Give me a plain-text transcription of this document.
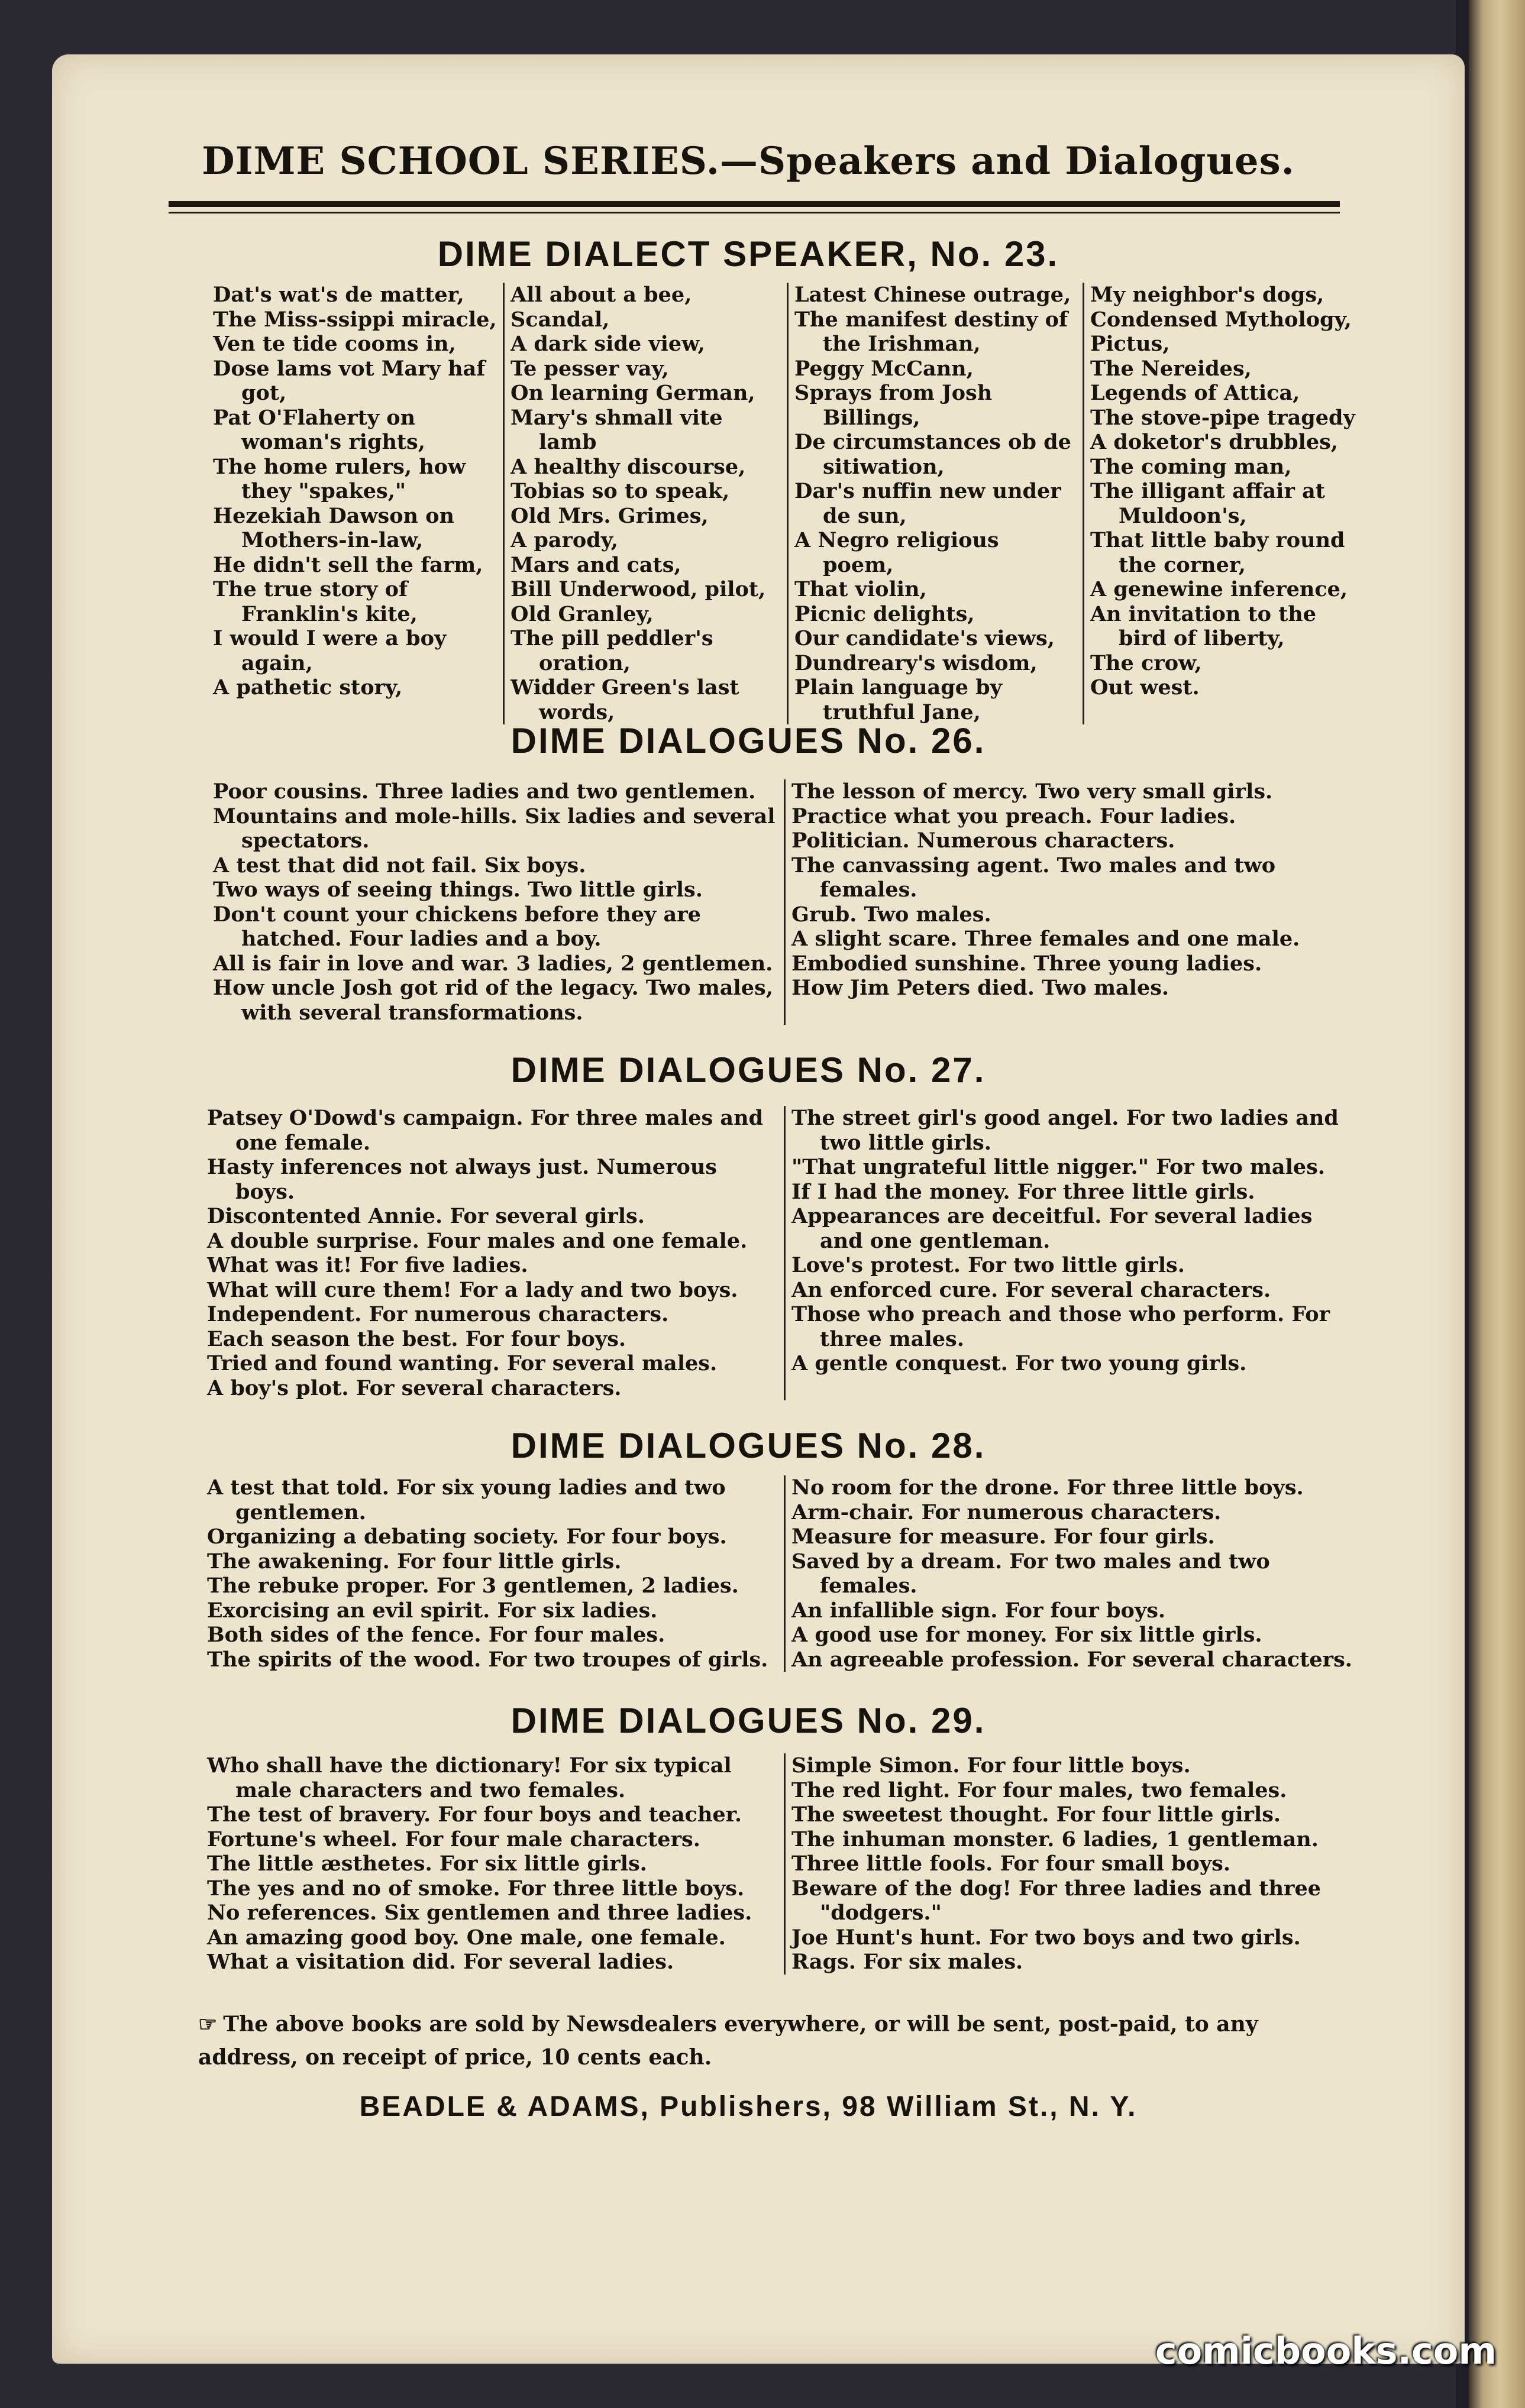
DIME SCHOOL SERIES.—Speakers and Dialogues.
DIME DIALECT SPEAKER, No. 23.
Dat's wat's de matter,
The Miss-ssippi miracle,
Ven te tide cooms in,
Dose lams vot Mary haf got,
Pat O'Flaherty on woman's rights,
The home rulers, how they "spakes,"
Hezekiah Dawson on Mothers-in-law,
He didn't sell the farm,
The true story of Franklin's kite,
I would I were a boy again,
A pathetic story,
All about a bee,
Scandal,
A dark side view,
Te pesser vay,
On learning German,
Mary's shmall vite lamb
A healthy discourse,
Tobias so to speak,
Old Mrs. Grimes,
A parody,
Mars and cats,
Bill Underwood, pilot,
Old Granley,
The pill peddler's oration,
Widder Green's last words,
Latest Chinese outrage,
The manifest destiny of the Irishman,
Peggy McCann,
Sprays from Josh Billings,
De circumstances ob de sitiwation,
Dar's nuffin new under de sun,
A Negro religious poem,
That violin,
Picnic delights,
Our candidate's views,
Dundreary's wisdom,
Plain language by truthful Jane,
My neighbor's dogs,
Condensed Mythology,
Pictus,
The Nereides,
Legends of Attica,
The stove-pipe tragedy
A doketor's drubbles,
The coming man,
The illigant affair at Muldoon's,
That little baby round the corner,
A genewine inference,
An invitation to the bird of liberty,
The crow,
Out west.
DIME DIALOGUES No. 26.
Poor cousins. Three ladies and two gentlemen.
Mountains and mole-hills. Six ladies and several spectators.
A test that did not fail. Six boys.
Two ways of seeing things. Two little girls.
Don't count your chickens before they are hatched. Four ladies and a boy.
All is fair in love and war. 3 ladies, 2 gentlemen.
How uncle Josh got rid of the legacy. Two males, with several transformations.
The lesson of mercy. Two very small girls.
Practice what you preach. Four ladies.
Politician. Numerous characters.
The canvassing agent. Two males and two females.
Grub. Two males.
A slight scare. Three females and one male.
Embodied sunshine. Three young ladies.
How Jim Peters died. Two males.
DIME DIALOGUES No. 27.
Patsey O'Dowd's campaign. For three males and one female.
Hasty inferences not always just. Numerous boys.
Discontented Annie. For several girls.
A double surprise. Four males and one female.
What was it! For five ladies.
What will cure them! For a lady and two boys.
Independent. For numerous characters.
Each season the best. For four boys.
Tried and found wanting. For several males.
A boy's plot. For several characters.
The street girl's good angel. For two ladies and two little girls.
"That ungrateful little nigger." For two males.
If I had the money. For three little girls.
Appearances are deceitful. For several ladies and one gentleman.
Love's protest. For two little girls.
An enforced cure. For several characters.
Those who preach and those who perform. For three males.
A gentle conquest. For two young girls.
DIME DIALOGUES No. 28.
A test that told. For six young ladies and two gentlemen.
Organizing a debating society. For four boys.
The awakening. For four little girls.
The rebuke proper. For 3 gentlemen, 2 ladies.
Exorcising an evil spirit. For six ladies.
Both sides of the fence. For four males.
The spirits of the wood. For two troupes of girls.
No room for the drone. For three little boys.
Arm-chair. For numerous characters.
Measure for measure. For four girls.
Saved by a dream. For two males and two females.
An infallible sign. For four boys.
A good use for money. For six little girls.
An agreeable profession. For several characters.
DIME DIALOGUES No. 29.
Who shall have the dictionary! For six typical male characters and two females.
The test of bravery. For four boys and teacher.
Fortune's wheel. For four male characters.
The little æsthetes. For six little girls.
The yes and no of smoke. For three little boys.
No references. Six gentlemen and three ladies.
An amazing good boy. One male, one female.
What a visitation did. For several ladies.
Simple Simon. For four little boys.
The red light. For four males, two females.
The sweetest thought. For four little girls.
The inhuman monster. 6 ladies, 1 gentleman.
Three little fools. For four small boys.
Beware of the dog! For three ladies and three "dodgers."
Joe Hunt's hunt. For two boys and two girls.
Rags. For six males.
☞ The above books are sold by Newsdealers everywhere, or will be sent, post-paid, to any address, on receipt of price, 10 cents each.
BEADLE & ADAMS, Publishers, 98 William St., N. Y.
comicbooks.com
